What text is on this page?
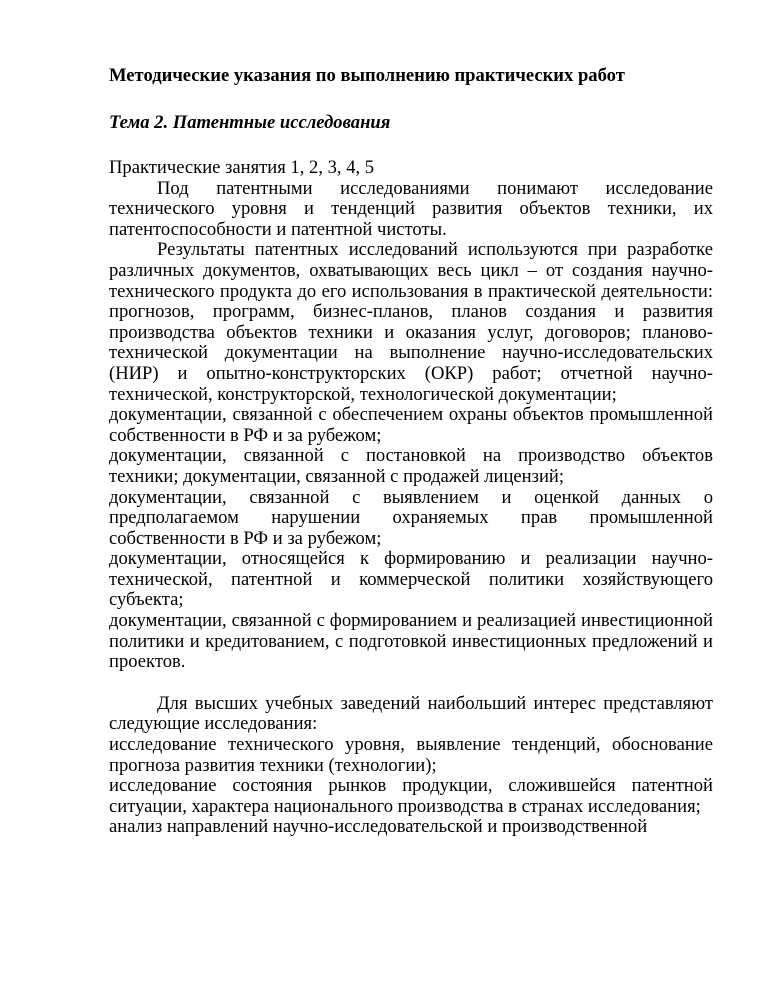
Методические указания по выполнению практических работ
Тема 2. Патентные исследования
Практические занятия 1, 2, 3, 4, 5
Под патентными исследованиями понимают исследование технического уровня и тенденций развития объектов техники, их патентоспособности и патентной чистоты.
Результаты патентных исследований используются при разработке различных документов, охватывающих весь цикл – от создания научно-технического продукта до его использования в практической деятельности: прогнозов, программ, бизнес-планов, планов создания и развития производства объектов техники и оказания услуг, договоров; планово-технической документации на выполнение научно-исследовательских (НИР) и опытно-конструкторских (ОКР) работ; отчетной научно-технической, конструкторской, технологической документации;
документации, связанной с обеспечением охраны объектов промышленной собственности в РФ и за рубежом;
документации, связанной с постановкой на производство объектов техники; документации, связанной с продажей лицензий;
документации, связанной с выявлением и оценкой данных о предполагаемом нарушении охраняемых прав промышленной собственности в РФ и за рубежом;
документации, относящейся к формированию и реализации научно-технической, патентной и коммерческой политики хозяйствующего субъекта;
документации, связанной с формированием и реализацией инвестиционной политики и кредитованием, с подготовкой инвестиционных предложений и проектов.
Для высших учебных заведений наибольший интерес представляют следующие исследования:
исследование технического уровня, выявление тенденций, обоснование прогноза развития техники (технологии);
исследование состояния рынков продукции, сложившейся патентной ситуации, характера национального производства в странах исследования;
анализ направлений научно-исследовательской и производственной
